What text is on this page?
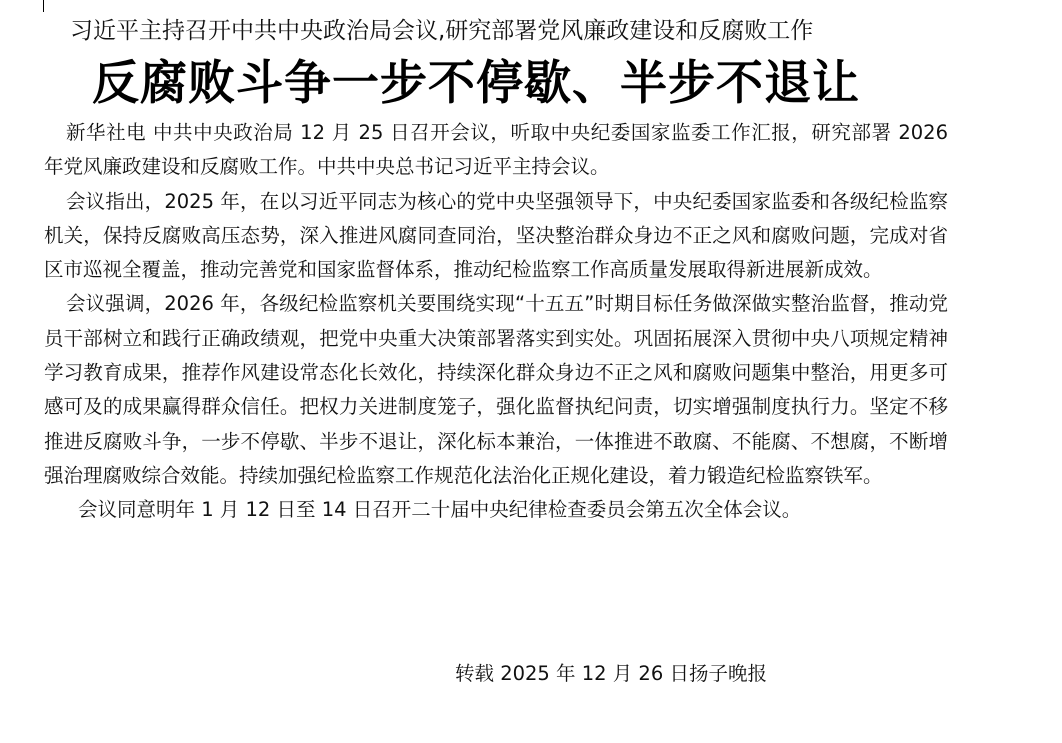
习近平主持召开中共中央政治局会议,研究部署党风廉政建设和反腐败工作
反腐败斗争一步不停歇、半步不退让

新华社电 中共中央政治局 12 月 25 日召开会议，听取中央纪委国家监委工作汇报，研究部署 2026 年党风廉政建设和反腐败工作。中共中央总书记习近平主持会议。

会议指出，2025 年，在以习近平同志为核心的党中央坚强领导下，中央纪委国家监委和各级纪检监察机关，保持反腐败高压态势，深入推进风腐同查同治，坚决整治群众身边不正之风和腐败问题，完成对省区市巡视全覆盖，推动完善党和国家监督体系，推动纪检监察工作高质量发展取得新进展新成效。

会议强调，2026 年，各级纪检监察机关要围绕实现“十五五”时期目标任务做深做实整治监督，推动党员干部树立和践行正确政绩观，把党中央重大决策部署落实到实处。巩固拓展深入贯彻中央八项规定精神学习教育成果，推荐作风建设常态化长效化，持续深化群众身边不正之风和腐败问题集中整治，用更多可感可及的成果赢得群众信任。把权力关进制度笼子，强化监督执纪问责，切实增强制度执行力。坚定不移推进反腐败斗争，一步不停歇、半步不退让，深化标本兼治，一体推进不敢腐、不能腐、不想腐，不断增强治理腐败综合效能。持续加强纪检监察工作规范化法治化正规化建设，着力锻造纪检监察铁军。

会议同意明年 1 月 12 日至 14 日召开二十届中央纪律检查委员会第五次全体会议。

转载 2025 年 12 月 26 日扬子晚报
